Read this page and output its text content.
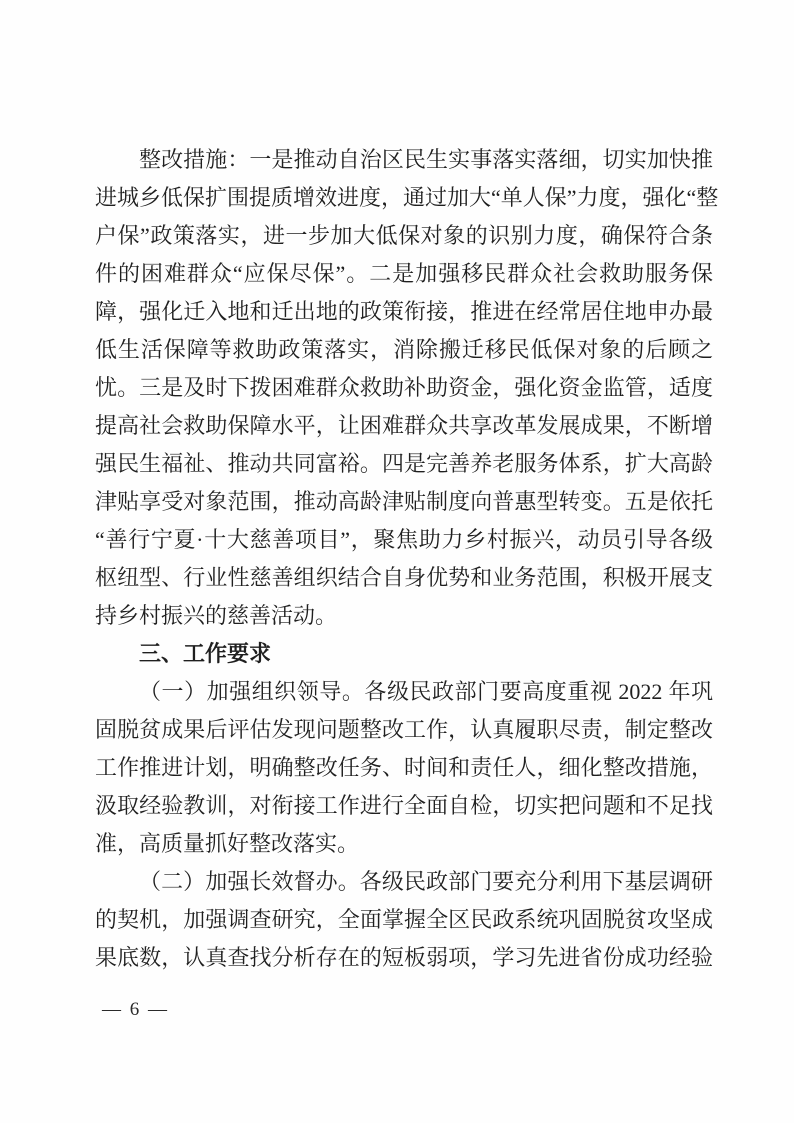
整改措施：一是推动自治区民生实事落实落细，切实加快推
进城乡低保扩围提质增效进度，通过加大“单人保”力度，强化“整
户保”政策落实，进一步加大低保对象的识别力度，确保符合条
件的困难群众“应保尽保”。二是加强移民群众社会救助服务保
障，强化迁入地和迁出地的政策衔接，推进在经常居住地申办最
低生活保障等救助政策落实，消除搬迁移民低保对象的后顾之
忧。三是及时下拨困难群众救助补助资金，强化资金监管，适度
提高社会救助保障水平，让困难群众共享改革发展成果，不断增
强民生福祉、推动共同富裕。四是完善养老服务体系，扩大高龄
津贴享受对象范围，推动高龄津贴制度向普惠型转变。五是依托
“善行宁夏·十大慈善项目”，聚焦助力乡村振兴，动员引导各级
枢纽型、行业性慈善组织结合自身优势和业务范围，积极开展支
持乡村振兴的慈善活动。
三、工作要求
（一）加强组织领导。各级民政部门要高度重视 2022 年巩
固脱贫成果后评估发现问题整改工作，认真履职尽责，制定整改
工作推进计划，明确整改任务、时间和责任人，细化整改措施，
汲取经验教训，对衔接工作进行全面自检，切实把问题和不足找
准，高质量抓好整改落实。
（二）加强长效督办。各级民政部门要充分利用下基层调研
的契机，加强调查研究，全面掌握全区民政系统巩固脱贫攻坚成
果底数，认真查找分析存在的短板弱项，学习先进省份成功经验
— 6 —
